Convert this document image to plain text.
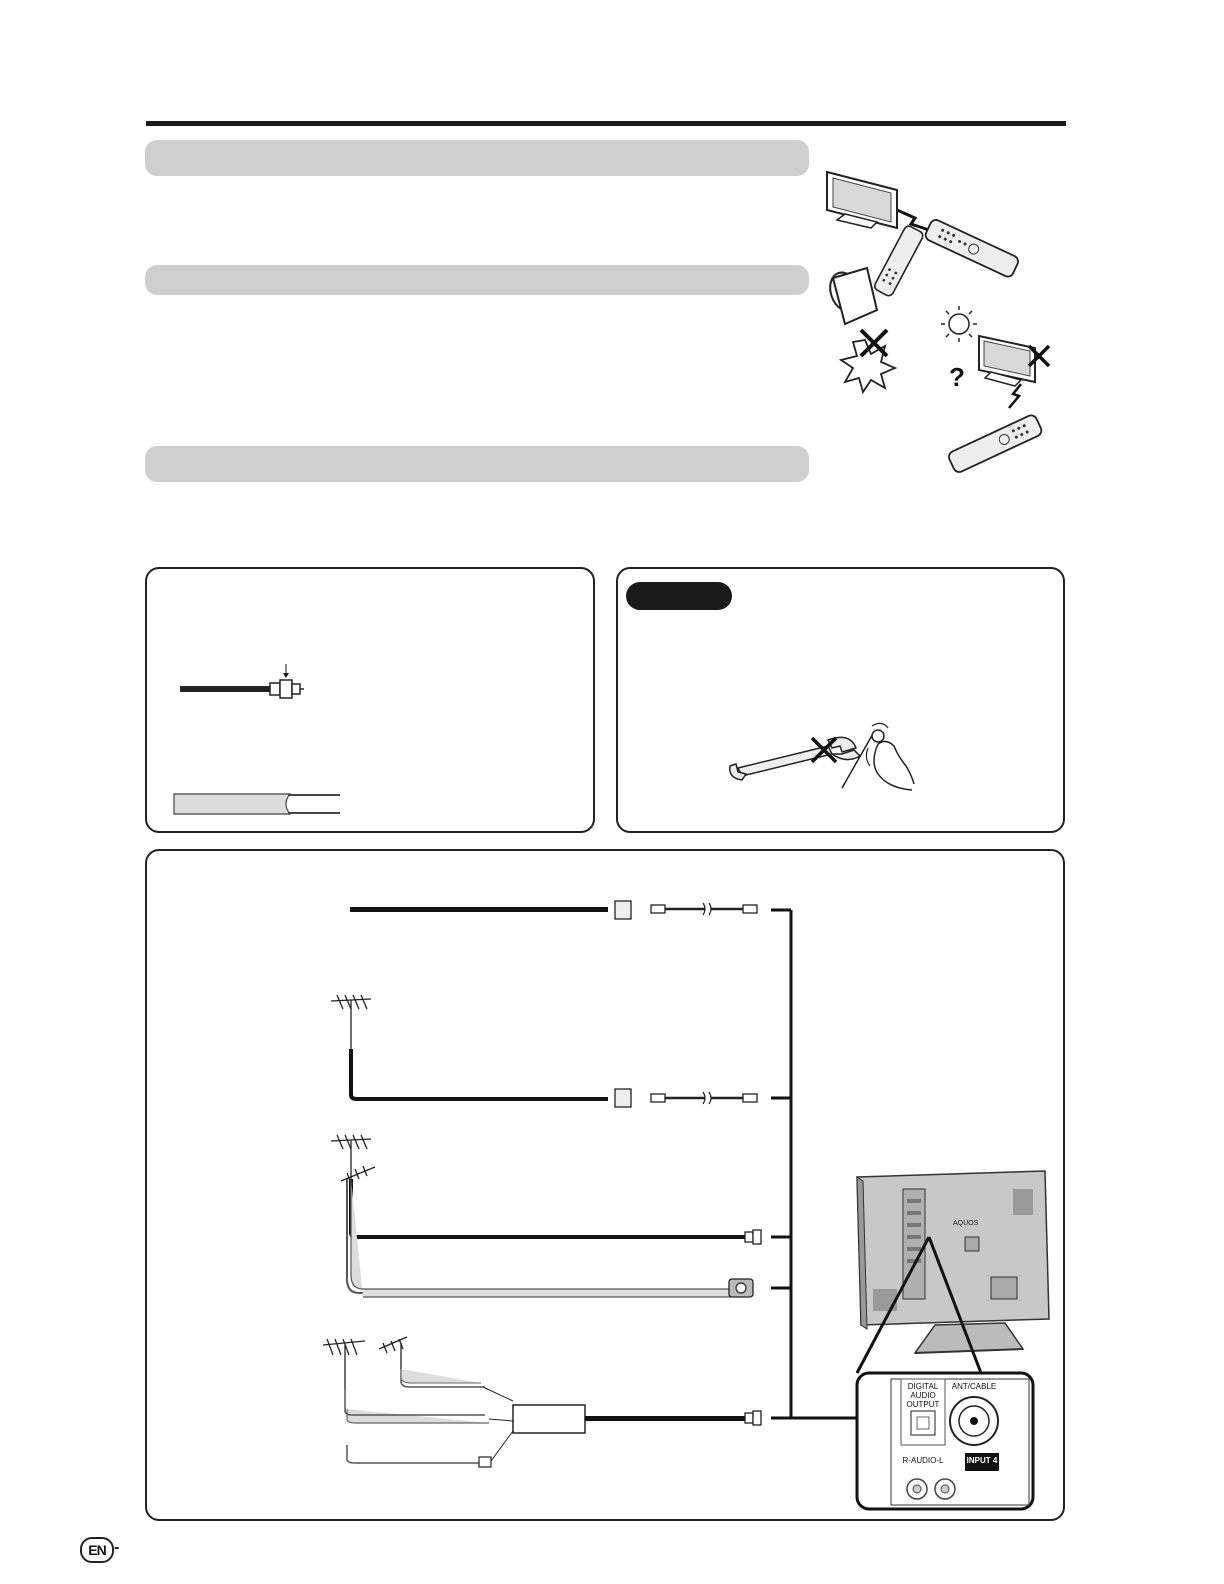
?
AQUOS
DIGITAL
AUDIO
OUTPUT
ANT/CABLE
R-AUDIO-L	INPUT 4
EN -
